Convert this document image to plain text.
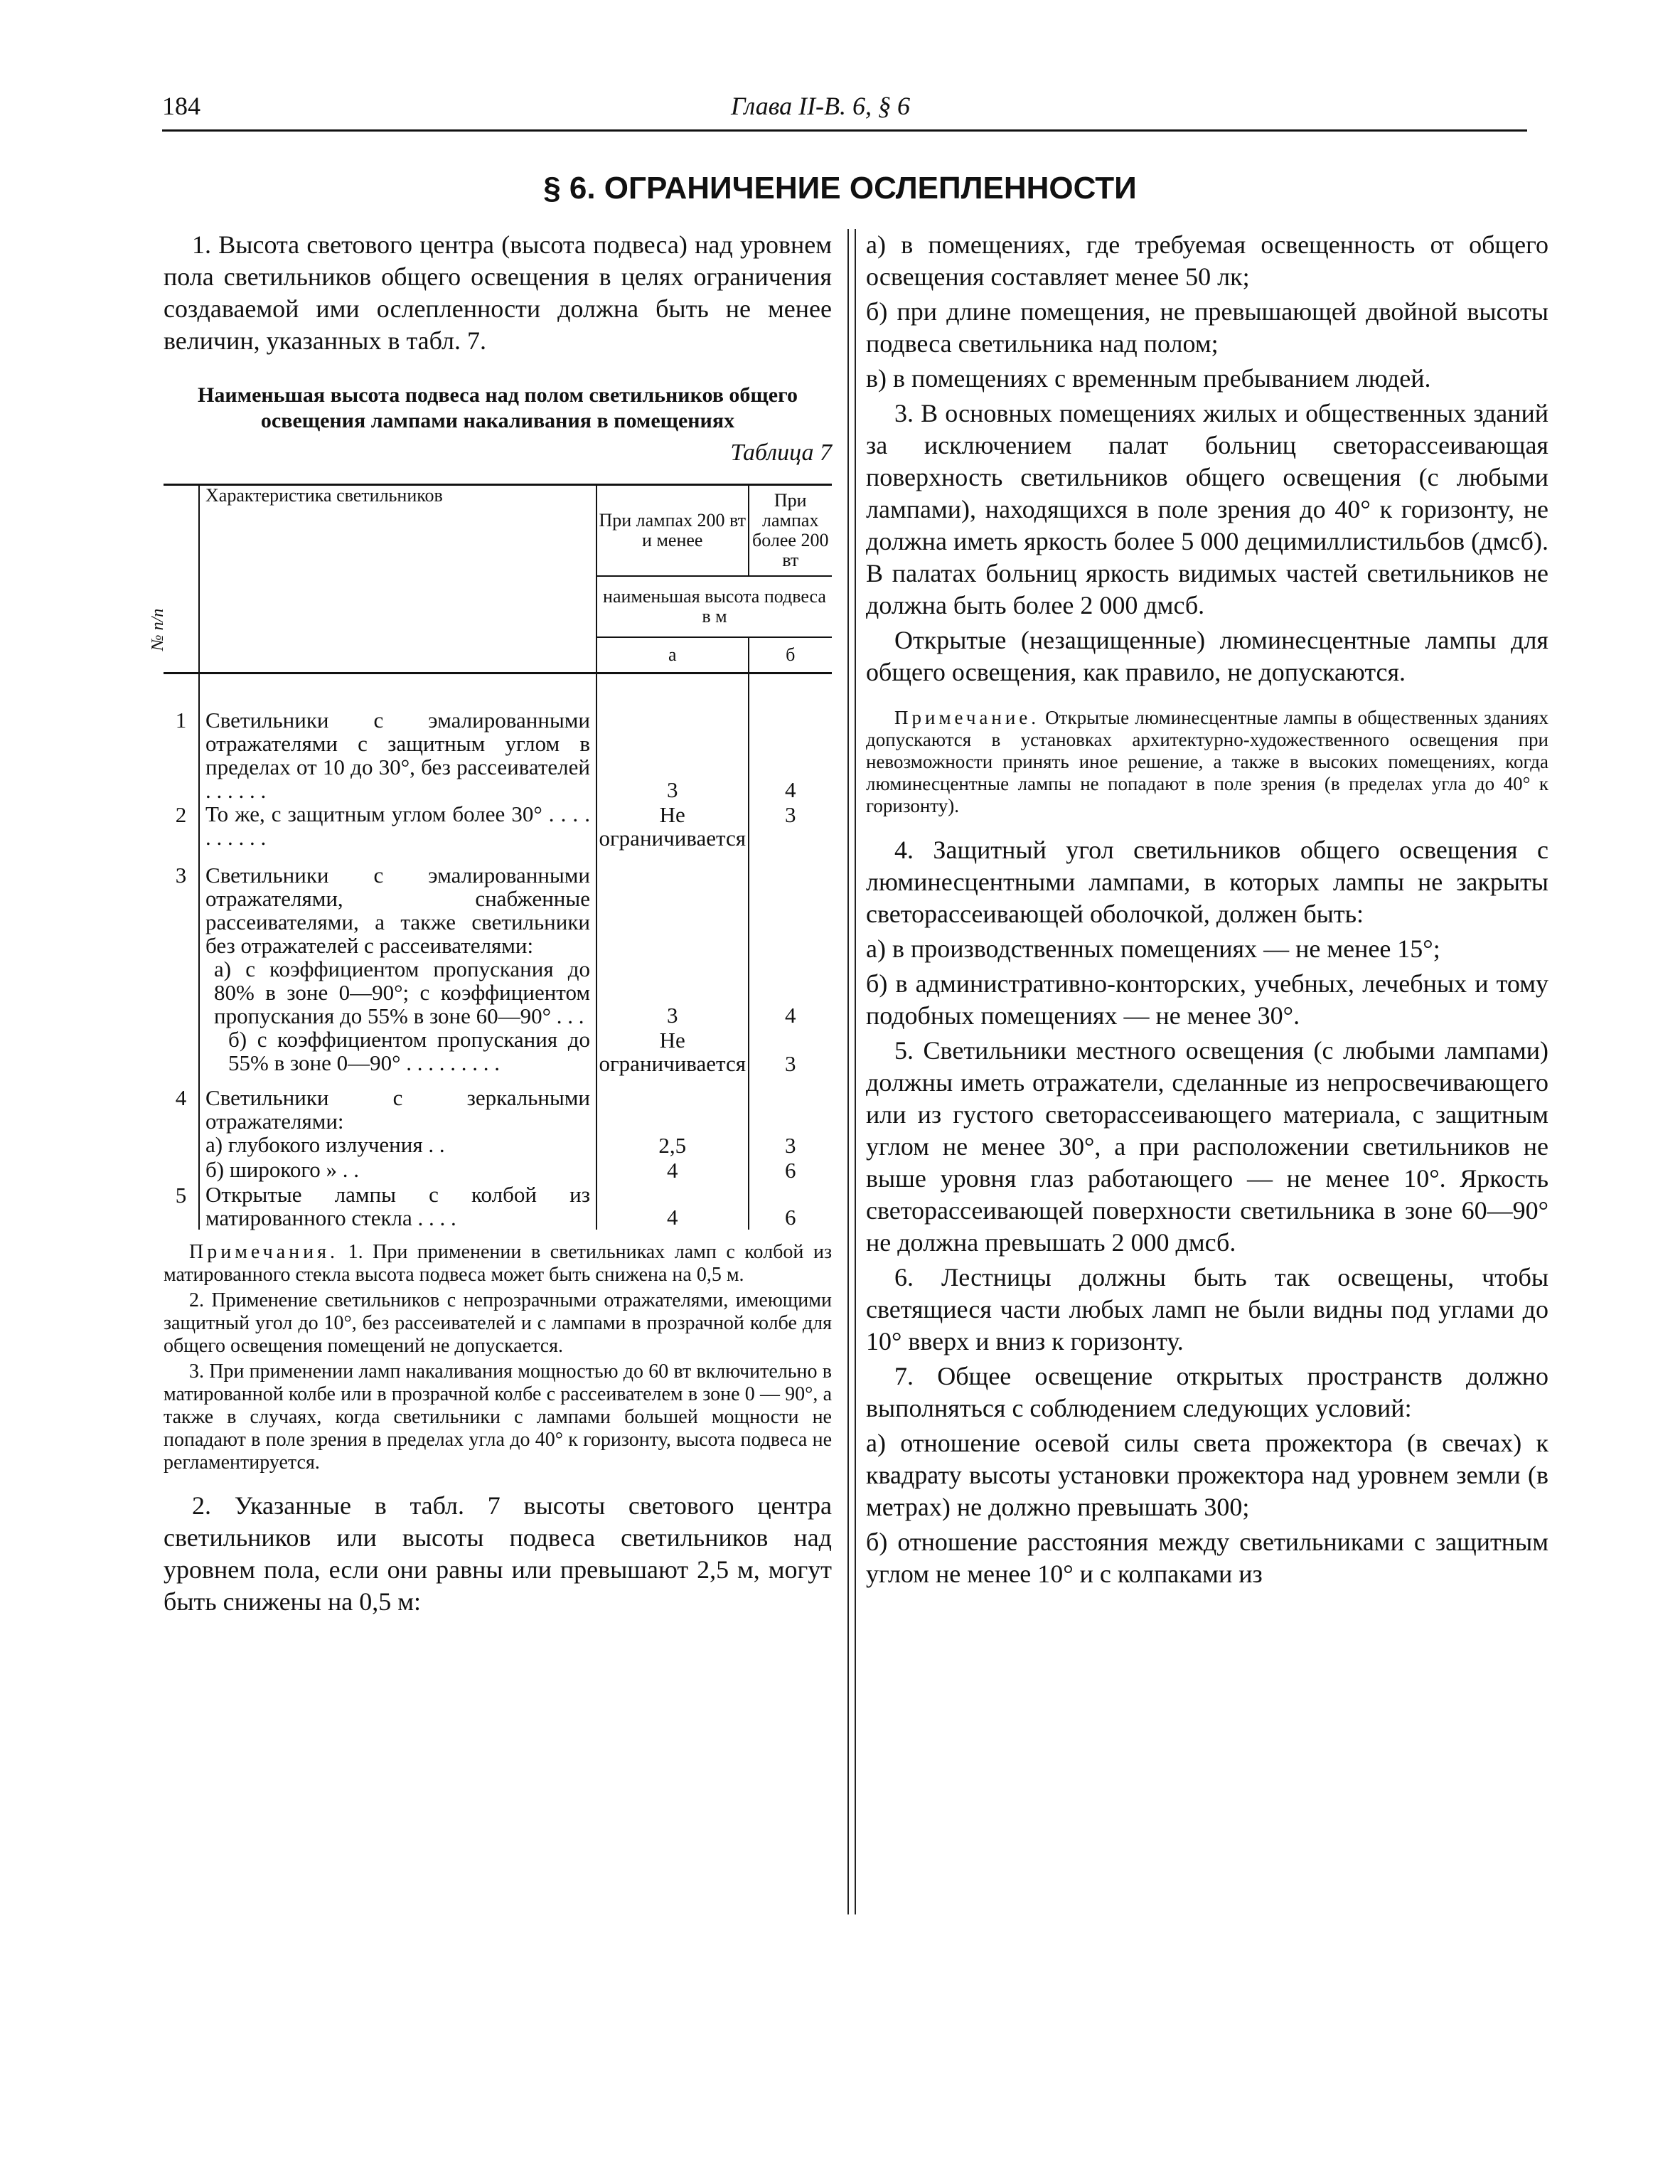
184	Глава II-В. 6, § 6
§ 6. ОГРАНИЧЕНИЕ ОСЛЕПЛЕННОСТИ

1. Высота светового центра (высота подвеса) над уровнем пола светильников общего освещения в целях ограничения создаваемой ими ослепленности должна быть не менее величин, указанных в табл. 7.

Наименьшая высота подвеса над полом светильников общего освещения лампами накаливания в помещениях
Таблица 7
№ п/п	Характеристика светильников	При лампах 200 вт и менее	При лампах более 200 вт
		наименьшая высота подвеса в м	
		а	б
1	Светильники с эмалированными отражателями с защитным углом в пределах от 10 до 30°, без рассеивателей . . . . . .	3	4
2	То же, с защитным углом более 30° . . . . . . . . . .	Не ограничивается	3
3	Светильники с эмалированными отражателями, снабженные рассеивателями, а также светильники без отражателей с рассеивателями:		
	а) с коэффициентом пропускания до 80% в зоне 0—90°; с коэффициентом пропускания до 55% в зоне 60—90° . . .	3	4
	б) с коэффициентом пропускания до 55% в зоне 0—90° . . . . . . . . .	Не ограничивается	3
4	Светильники с зеркальными отражателями:		
	а) глубокого излучения . .	2,5	3
	б) широкого » . .	4	6
5	Открытые лампы с колбой из матированного стекла . . . .	4	6

Примечания. 1. При применении в светильниках ламп с колбой из матированного стекла высота подвеса может быть снижена на 0,5 м.

2. Применение светильников с непрозрачными отражателями, имеющими защитный угол до 10°, без рассеивателей и с лампами в прозрачной колбе для общего освещения помещений не допускается.

3. При применении ламп накаливания мощностью до 60 вт включительно в матированной колбе или в прозрачной колбе с рассеивателем в зоне 0 — 90°, а также в случаях, когда светильники с лампами большей мощности не попадают в поле зрения в пределах угла до 40° к горизонту, высота подвеса не регламентируется.

2. Указанные в табл. 7 высоты светового центра светильников или высоты подвеса светильников над уровнем пола, если они равны или превышают 2,5 м, могут быть снижены на 0,5 м:

а) в помещениях, где требуемая освещенность от общего освещения составляет менее 50 лк;

б) при длине помещения, не превышающей двойной высоты подвеса светильника над полом;

в) в помещениях с временным пребыванием людей.

3. В основных помещениях жилых и общественных зданий за исключением палат больниц светорассеивающая поверхность светильников общего освещения (с любыми лампами), находящихся в поле зрения до 40° к горизонту, не должна иметь яркость более 5 000 децимиллистильбов (дмсб). В палатах больниц яркость видимых частей светильников не должна быть более 2 000 дмсб.

Открытые (незащищенные) люминесцентные лампы для общего освещения, как правило, не допускаются.

Примечание. Открытые люминесцентные лампы в общественных зданиях допускаются в установках архитектурно-художественного освещения при невозможности принять иное решение, а также в высоких помещениях, когда люминесцентные лампы не попадают в поле зрения (в пределах угла до 40° к горизонту).

4. Защитный угол светильников общего освещения с люминесцентными лампами, в которых лампы не закрыты светорассеивающей оболочкой, должен быть:

а) в производственных помещениях — не менее 15°;

б) в административно-конторских, учебных, лечебных и тому подобных помещениях — не менее 30°.

5. Светильники местного освещения (с любыми лампами) должны иметь отражатели, сделанные из непросвечивающего или из густого светорассеивающего материала, с защитным углом не менее 30°, а при расположении светильников не выше уровня глаз работающего — не менее 10°. Яркость светорассеивающей поверхности светильника в зоне 60—90° не должна превышать 2 000 дмсб.

6. Лестницы должны быть так освещены, чтобы светящиеся части любых ламп не были видны под углами до 10° вверх и вниз к горизонту.

7. Общее освещение открытых пространств должно выполняться с соблюдением следующих условий:

а) отношение осевой силы света прожектора (в свечах) к квадрату высоты установки прожектора над уровнем земли (в метрах) не должно превышать 300;

б) отношение расстояния между светильниками с защитным углом не менее 10° и с колпаками из
